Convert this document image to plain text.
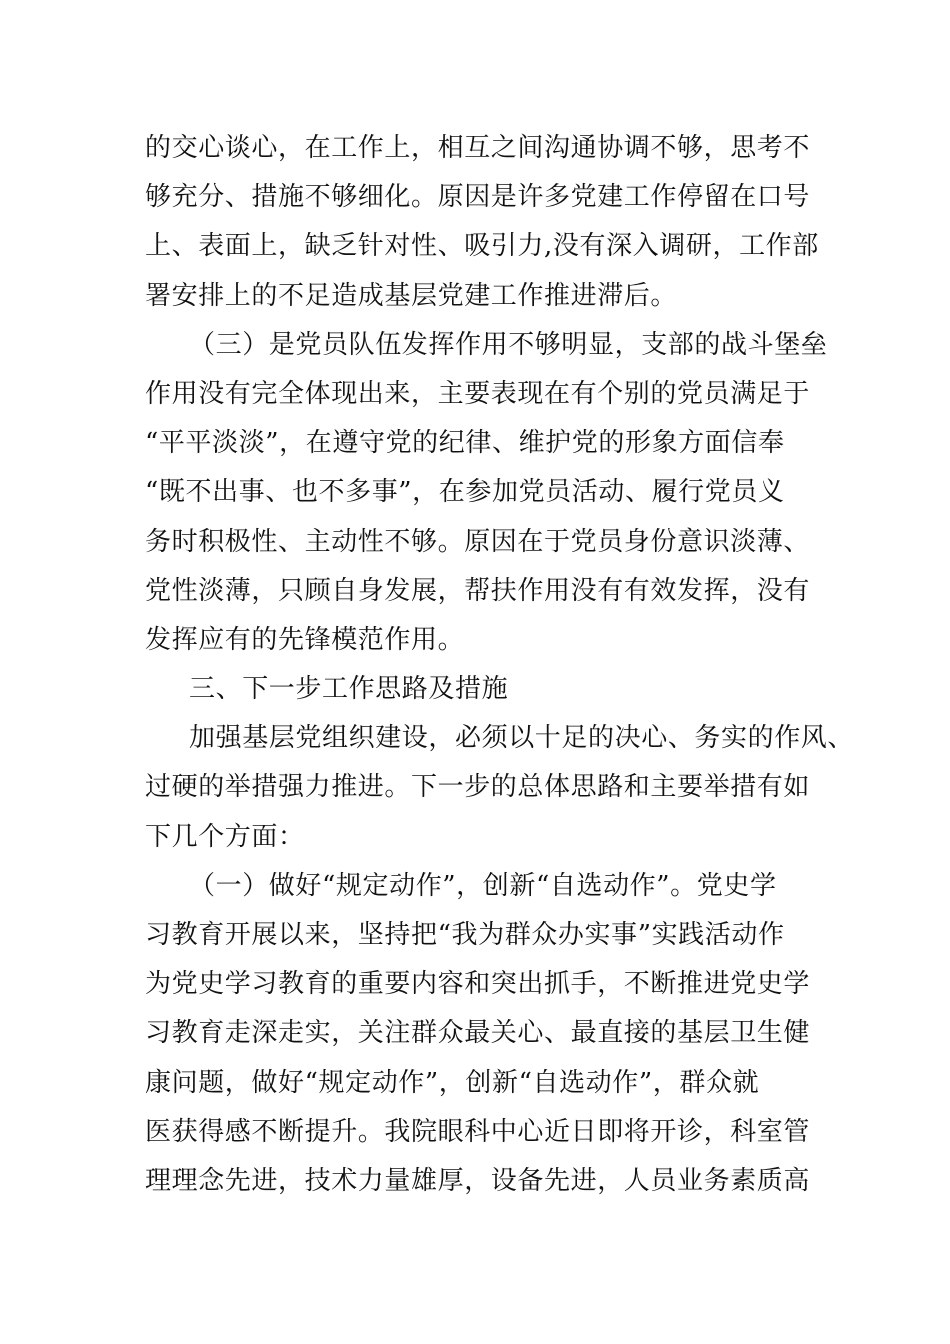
的交心谈心，在工作上，相互之间沟通协调不够，思考不
够充分、措施不够细化。原因是许多党建工作停留在口号
上、表面上，缺乏针对性、吸引力,没有深入调研，工作部
署安排上的不足造成基层党建工作推进滞后。
（三）是党员队伍发挥作用不够明显，支部的战斗堡垒
作用没有完全体现出来，主要表现在有个别的党员满足于
“平平淡淡”，在遵守党的纪律、维护党的形象方面信奉
“既不出事、也不多事”，在参加党员活动、履行党员义
务时积极性、主动性不够。原因在于党员身份意识淡薄、
党性淡薄，只顾自身发展，帮扶作用没有有效发挥，没有
发挥应有的先锋模范作用。
三、下一步工作思路及措施
加强基层党组织建设，必须以十足的决心、务实的作风、
过硬的举措强力推进。下一步的总体思路和主要举措有如
下几个方面：
（一）做好“规定动作”，创新“自选动作”。党史学
习教育开展以来，坚持把“我为群众办实事”实践活动作
为党史学习教育的重要内容和突出抓手，不断推进党史学
习教育走深走实，关注群众最关心、最直接的基层卫生健
康问题，做好“规定动作”，创新“自选动作”，群众就
医获得感不断提升。我院眼科中心近日即将开诊，科室管
理理念先进，技术力量雄厚，设备先进，人员业务素质高
